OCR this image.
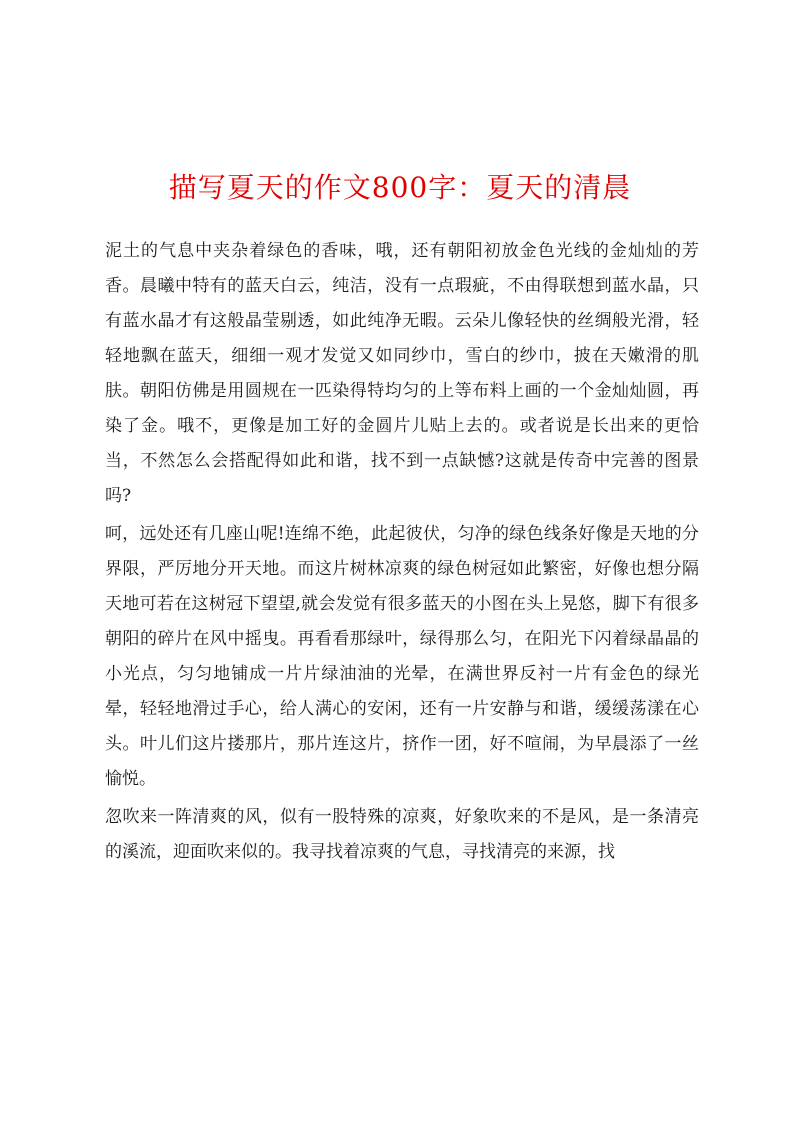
描写夏天的作文800字：夏天的清晨

泥土的气息中夹杂着绿色的香味，哦，还有朝阳初放金色光线的金灿灿的芳香。晨曦中特有的蓝天白云，纯洁，没有一点瑕疵，不由得联想到蓝水晶，只有蓝水晶才有这般晶莹剔透，如此纯净无暇。云朵儿像轻快的丝绸般光滑，轻轻地飘在蓝天，细细一观才发觉又如同纱巾，雪白的纱巾，披在天嫩滑的肌肤。朝阳仿佛是用圆规在一匹染得特均匀的上等布料上画的一个金灿灿圆，再染了金。哦不，更像是加工好的金圆片儿贴上去的。或者说是长出来的更恰当，不然怎么会搭配得如此和谐，找不到一点缺憾?这就是传奇中完善的图景吗?

呵，远处还有几座山呢!连绵不绝，此起彼伏，匀净的绿色线条好像是天地的分界限，严厉地分开天地。而这片树林凉爽的绿色树冠如此繁密，好像也想分隔天地可若在这树冠下望望,就会发觉有很多蓝天的小图在头上晃悠，脚下有很多朝阳的碎片在风中摇曳。再看看那绿叶，绿得那么匀，在阳光下闪着绿晶晶的小光点，匀匀地铺成一片片绿油油的光晕，在满世界反衬一片有金色的绿光晕，轻轻地滑过手心，给人满心的安闲，还有一片安静与和谐，缓缓荡漾在心头。叶儿们这片搂那片，那片连这片，挤作一团，好不喧闹，为早晨添了一丝愉悦。

忽吹来一阵清爽的风，似有一股特殊的凉爽，好象吹来的不是风，是一条清亮的溪流，迎面吹来似的。我寻找着凉爽的气息，寻找清亮的来源，找
